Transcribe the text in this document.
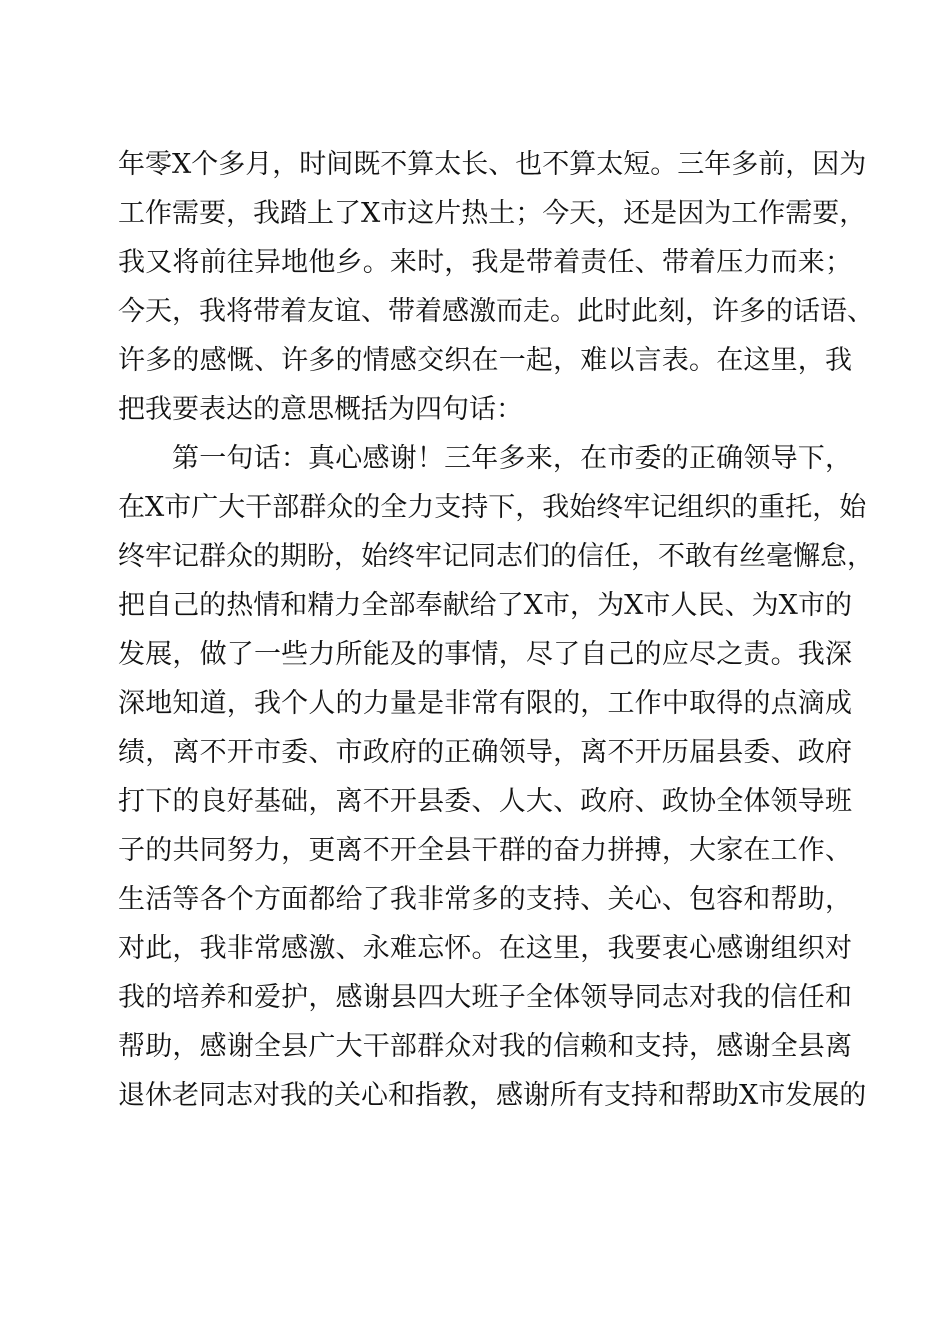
年零X个多月，时间既不算太长、也不算太短。三年多前，因为
工作需要，我踏上了X市这片热土；今天，还是因为工作需要，
我又将前往异地他乡。来时，我是带着责任、带着压力而来；
今天，我将带着友谊、带着感激而走。此时此刻，许多的话语、
许多的感慨、许多的情感交织在一起，难以言表。在这里，我
把我要表达的意思概括为四句话：
第一句话：真心感谢！三年多来，在市委的正确领导下，
在X市广大干部群众的全力支持下，我始终牢记组织的重托，始
终牢记群众的期盼，始终牢记同志们的信任，不敢有丝毫懈怠，
把自己的热情和精力全部奉献给了X市，为X市人民、为X市的
发展，做了一些力所能及的事情，尽了自己的应尽之责。我深
深地知道，我个人的力量是非常有限的，工作中取得的点滴成
绩，离不开市委、市政府的正确领导，离不开历届县委、政府
打下的良好基础，离不开县委、人大、政府、政协全体领导班
子的共同努力，更离不开全县干群的奋力拼搏，大家在工作、
生活等各个方面都给了我非常多的支持、关心、包容和帮助，
对此，我非常感激、永难忘怀。在这里，我要衷心感谢组织对
我的培养和爱护，感谢县四大班子全体领导同志对我的信任和
帮助，感谢全县广大干部群众对我的信赖和支持，感谢全县离
退休老同志对我的关心和指教，感谢所有支持和帮助X市发展的
